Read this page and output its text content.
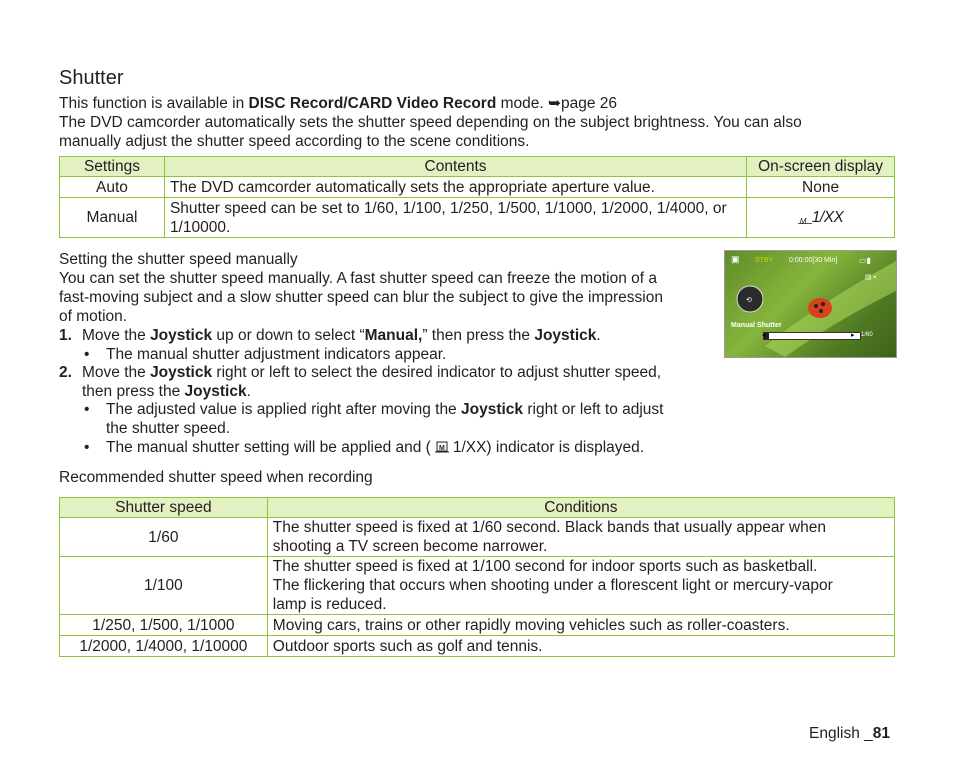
Shutter
This function is available in DISC Record/CARD Video Record mode. ➥page 26
The DVD camcorder automatically sets the shutter speed depending on the subject brightness. You can also
manually adjust the shutter speed according to the scene conditions.
Settings	Contents	On-screen display
Auto	The DVD camcorder automatically sets the appropriate aperture value.	None
Manual	Shutter speed can be set to 1/60, 1/100, 1/250, 1/500, 1/1000, 1/2000, 1/4000, or 1/10000.	M 1/XX
Setting the shutter speed manually
You can set the shutter speed manually. A fast shutter speed can freeze the motion of a
fast-moving subject and a slow shutter speed can blur the subject to give the impression
of motion.
1. Move the Joystick up or down to select “Manual,” then press the Joystick.
• The manual shutter adjustment indicators appear.
2. Move the Joystick right or left to select the desired indicator to adjust shutter speed,
then press the Joystick.
• The adjusted value is applied right after moving the Joystick right or left to adjust
the shutter speed.
• The manual shutter setting will be applied and ( M 1/XX) indicator is displayed.
⟲
▣ STBY 0:00:00[30 Min]	▭▮
▤ ▪
Manual Shutter
◂	▸ 1/60
Recommended shutter speed when recording
Shutter speed	Conditions
1/60	The shutter speed is fixed at 1/60 second. Black bands that usually appear when
shooting a TV screen become narrower.

1/100	The shutter speed is fixed at 1/100 second for indoor sports such as basketball.
The flickering that occurs when shooting under a florescent light or mercury-vapor
lamp is reduced.

1/250, 1/500, 1/1000	Moving cars, trains or other rapidly moving vehicles such as roller-coasters.
1/2000, 1/4000, 1/10000	Outdoor sports such as golf and tennis.
English _81
